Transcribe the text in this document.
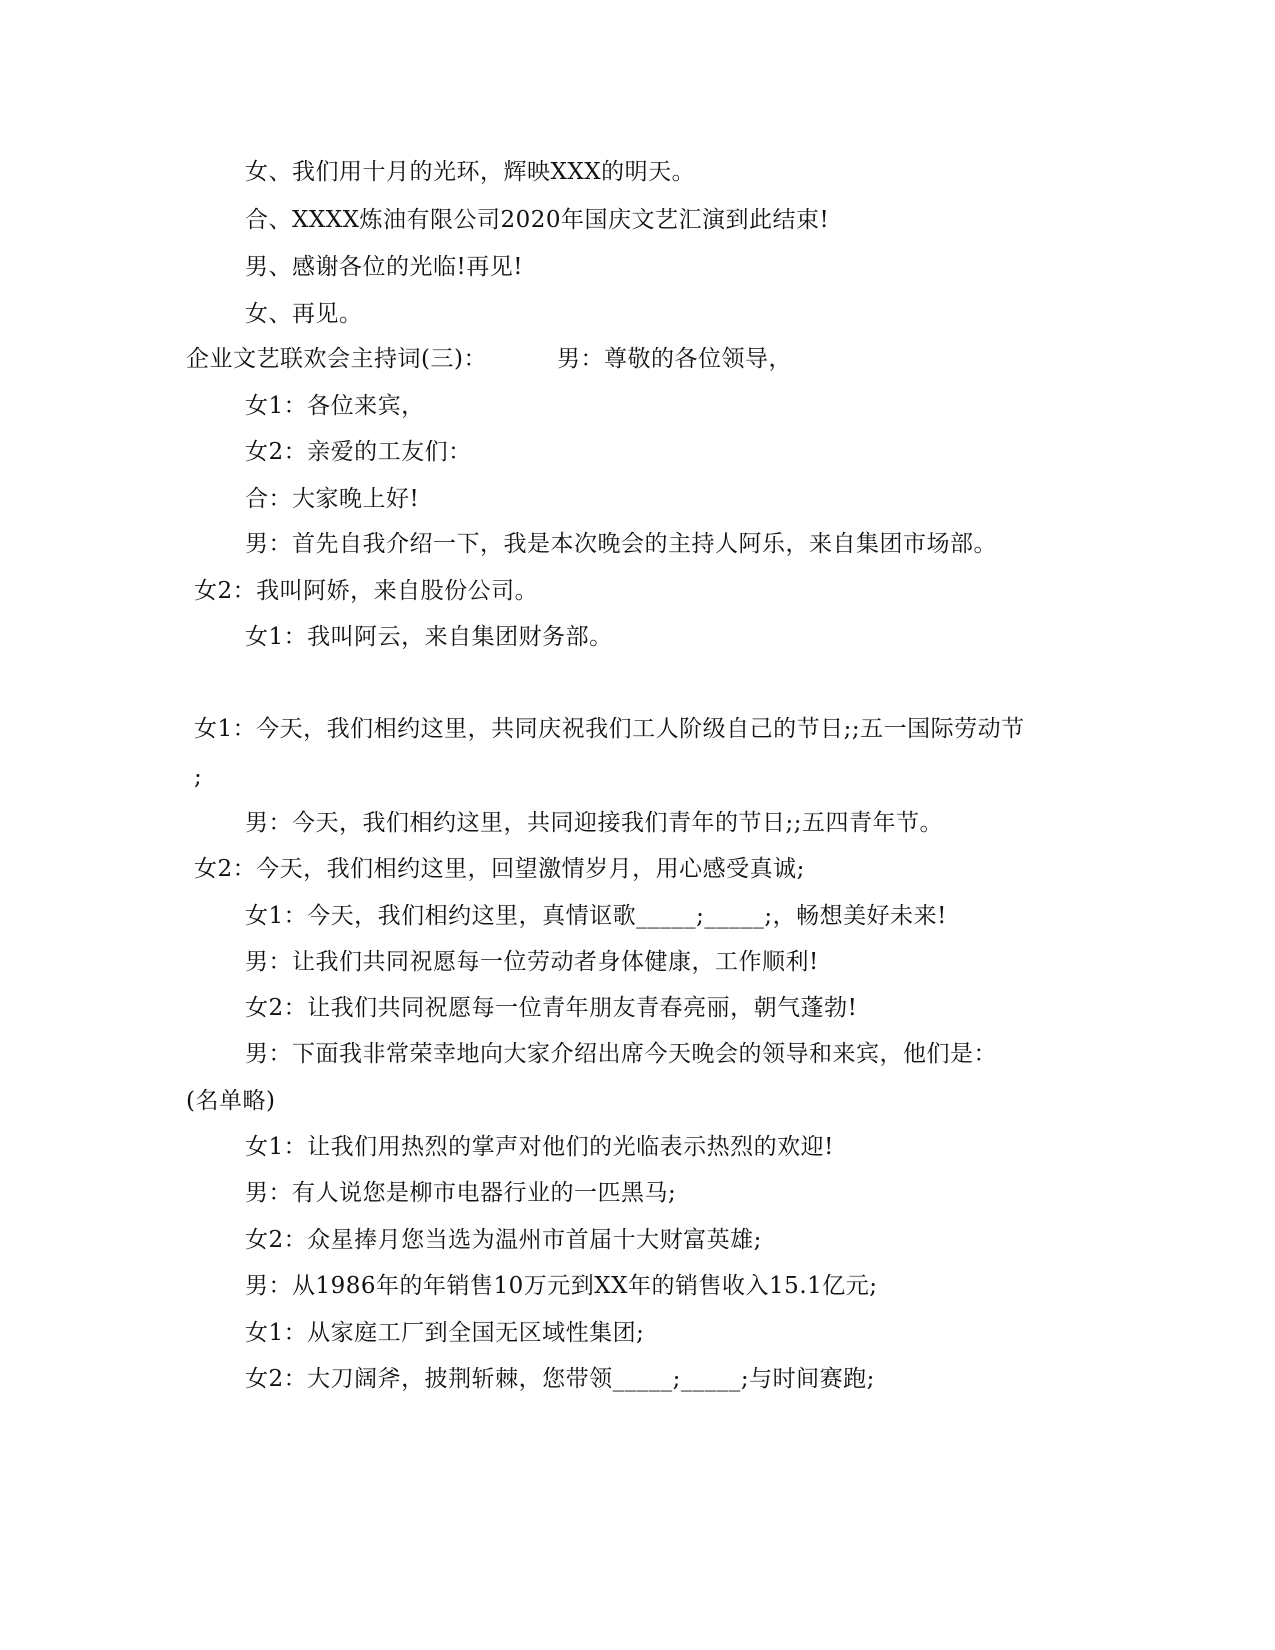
女、我们用十月的光环，辉映XXX的明天。
合、XXXX炼油有限公司2020年国庆文艺汇演到此结束!
男、感谢各位的光临!再见!
女、再见。
企业文艺联欢会主持词(三)：	男：尊敬的各位领导，
女1：各位来宾，
女2：亲爱的工友们：
合：大家晚上好!
男：首先自我介绍一下，我是本次晚会的主持人阿乐，来自集团市场部。
女2：我叫阿娇，来自股份公司。
女1：我叫阿云，来自集团财务部。
女1：今天，我们相约这里，共同庆祝我们工人阶级自己的节日;;五一国际劳动节
;
男：今天，我们相约这里，共同迎接我们青年的节日;;五四青年节。
女2：今天，我们相约这里，回望激情岁月，用心感受真诚;
女1：今天，我们相约这里，真情讴歌_____;_____;，畅想美好未来!
男：让我们共同祝愿每一位劳动者身体健康，工作顺利!
女2：让我们共同祝愿每一位青年朋友青春亮丽，朝气蓬勃!
男：下面我非常荣幸地向大家介绍出席今天晚会的领导和来宾，他们是：
(名单略)
女1：让我们用热烈的掌声对他们的光临表示热烈的欢迎!
男：有人说您是柳市电器行业的一匹黑马;
女2：众星捧月您当选为温州市首届十大财富英雄;
男：从1986年的年销售10万元到XX年的销售收入15.1亿元;
女1：从家庭工厂到全国无区域性集团;
女2：大刀阔斧，披荆斩棘，您带领_____;_____;与时间赛跑;
